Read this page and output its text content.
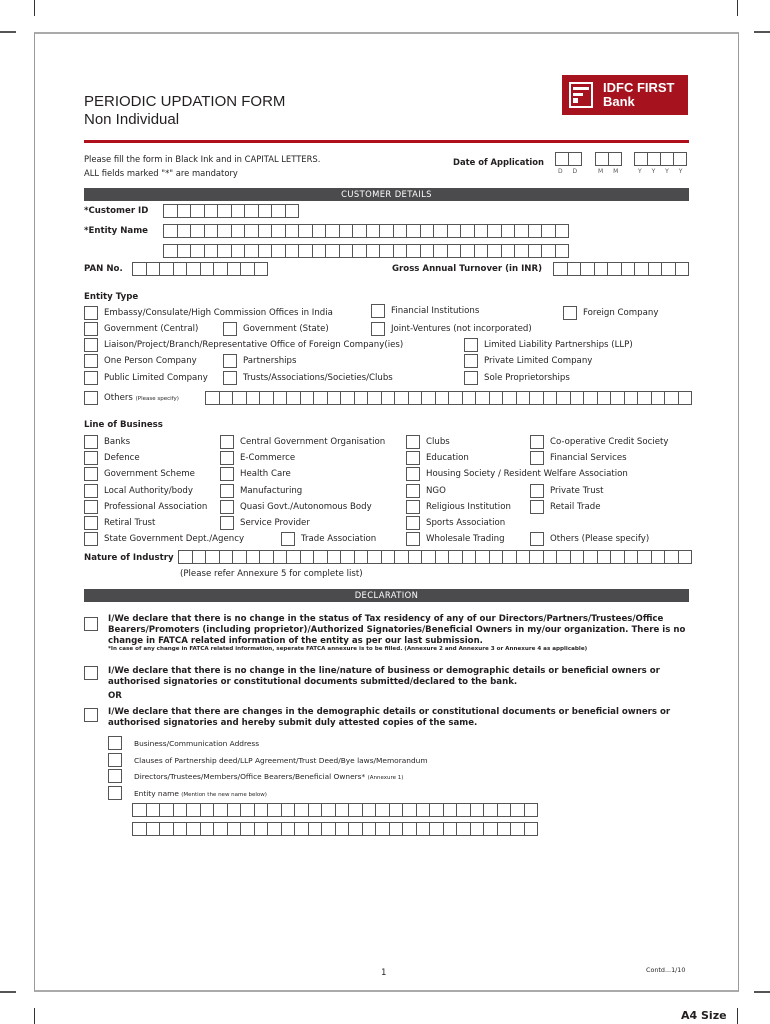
PERIODIC UPDATION FORM
Non Individual
IDFC FIRST
Bank
Please fill the form in Black Ink and in CAPITAL LETTERS.
ALL fields marked "*" are mandatory
Date of Application
D D	M M	Y Y Y Y
CUSTOMER DETAILS
*Customer ID
*Entity Name
PAN No.	Gross Annual Turnover (in INR)
Entity Type
Embassy/Consulate/High Commission Offices in India	Financial Institutions	Foreign Company
Government (Central)	Government (State)	Joint-Ventures (not incorporated)
Liaison/Project/Branch/Representative Office of Foreign Company(ies)	Limited Liability Partnerships (LLP)
One Person Company	Partnerships	Private Limited Company
Public Limited Company	Trusts/Associations/Societies/Clubs	Sole Proprietorships
Others (Please specify)
Line of Business
Banks	Central Government Organisation	Clubs	Co-operative Credit Society
Defence	E-Commerce	Education	Financial Services
Government Scheme	Health Care	Housing Society / Resident Welfare Association
Local Authority/body	Manufacturing	NGO	Private Trust
Professional Association	Quasi Govt./Autonomous Body	Religious Institution	Retail Trade
Retiral Trust	Service Provider	Sports Association
State Government Dept./Agency	Trade Association	Wholesale Trading	Others (Please specify)
Nature of Industry
(Please refer Annexure 5 for complete list)
DECLARATION
I/We declare that there is no change in the status of Tax residency of any of our Directors/Partners/Trustees/Office Bearers/Promoters (including proprietor)/Authorized Signatories/Beneficial Owners in my/our organization. There is no change in FATCA related information of the entity as per our last submission.
*In case of any change in FATCA related information, seperate FATCA annexure is to be filled. (Annexure 2 and Annexure 3 or Annexure 4 as applicable)
I/We declare that there is no change in the line/nature of business or demographic details or beneficial owners or authorised signatories or constitutional documents submitted/declared to the bank.
OR
I/We declare that there are changes in the demographic details or constitutional documents or beneficial owners or authorised signatories and hereby submit duly attested copies of the same.
Business/Communication Address
Clauses of Partnership deed/LLP Agreement/Trust Deed/Bye laws/Memorandum
Directors/Trustees/Members/Office Bearers/Beneficial Owners* (Annexure 1)
Entity name (Mention the new name below)
1	Contd...1/10
A4 Size
